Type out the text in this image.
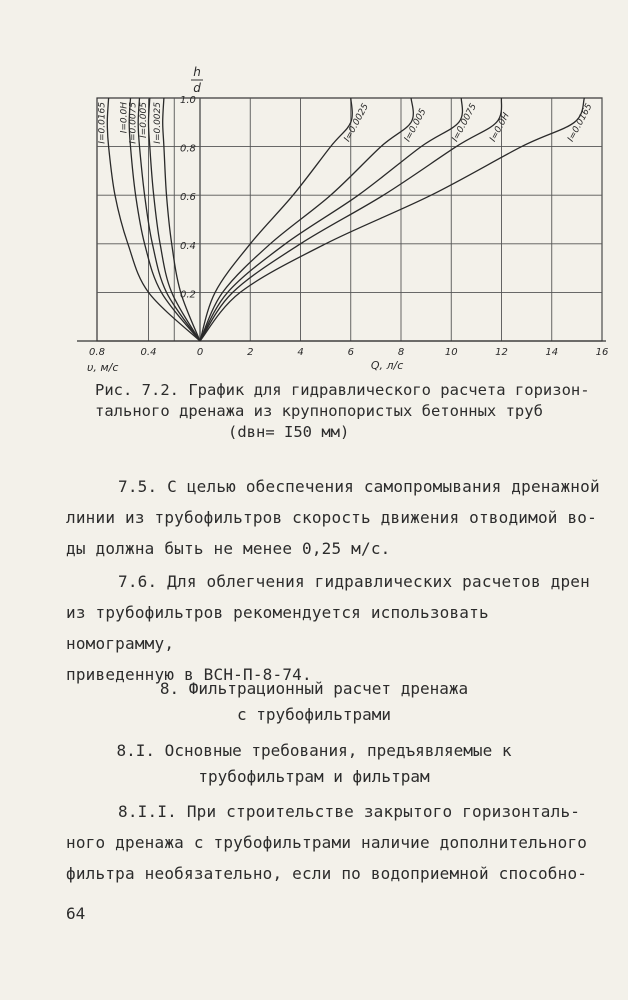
I=0.0165 I=0.0H I=0.0075 I=0.005 I=0.0025	I=0.0025	I=0.005 I=0.0075 I=0.0H	I=0.0165
0.2
0.4
0.6
0.8
1.0
h
d
0.8	0.4	0	2	4	6	8	10	12	14	16
υ, м/с	Q, л/с
Рис. 7.2. График для гидравлического расчета горизон-
тального дренажа из крупнопористых бетонных труб
(dвн= I50 мм)
7.5. С целью обеспечения самопромывания дренажной
линии из трубофильтров скорость движения отводимой во-
ды должна быть не менее 0,25 м/с.
7.6. Для облегчения гидравлических расчетов дрен
из трубофильтров рекомендуется использовать номограмму,
приведенную в ВСН-П-8-74.
8. Фильтрационный расчет дренажа
с трубофильтрами
8.I. Основные требования, предъявляемые к
трубофильтрам и фильтрам
8.I.I. При строительстве закрытого горизонталь-
ного дренажа с трубофильтрами наличие дополнительного
фильтра необязательно, если по водоприемной способно-
64
